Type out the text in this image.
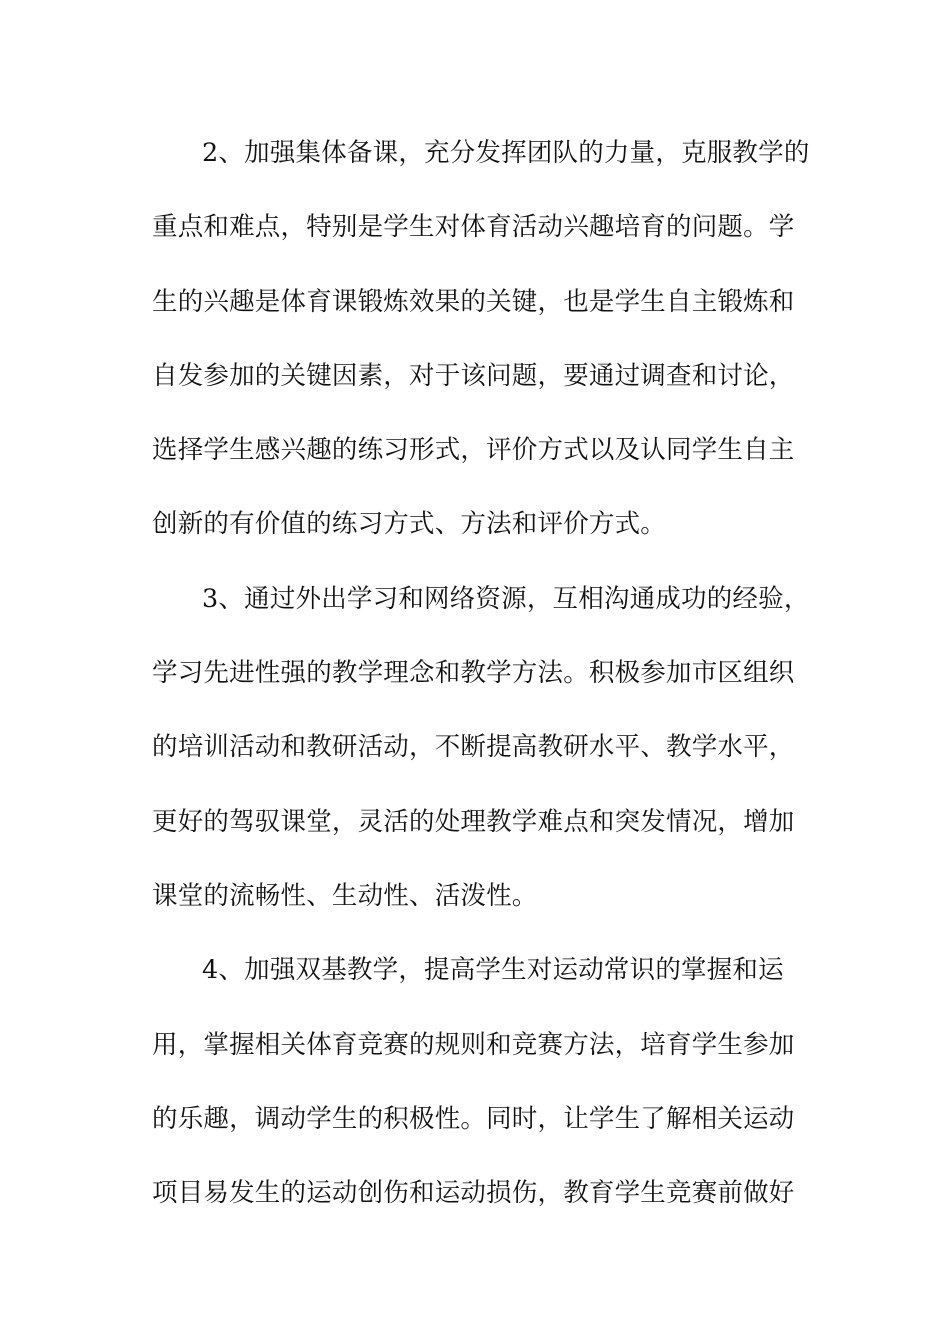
2、加强集体备课，充分发挥团队的力量，克服教学的
重点和难点，特别是学生对体育活动兴趣培育的问题。学
生的兴趣是体育课锻炼效果的关键，也是学生自主锻炼和
自发参加的关键因素，对于该问题，要通过调查和讨论，
选择学生感兴趣的练习形式，评价方式以及认同学生自主
创新的有价值的练习方式、方法和评价方式。
3、通过外出学习和网络资源，互相沟通成功的经验，
学习先进性强的教学理念和教学方法。积极参加市区组织
的培训活动和教研活动，不断提高教研水平、教学水平，
更好的驾驭课堂，灵活的处理教学难点和突发情况，增加
课堂的流畅性、生动性、活泼性。
4、加强双基教学，提高学生对运动常识的掌握和运
用，掌握相关体育竞赛的规则和竞赛方法，培育学生参加
的乐趣，调动学生的积极性。同时，让学生了解相关运动
项目易发生的运动创伤和运动损伤，教育学生竞赛前做好
